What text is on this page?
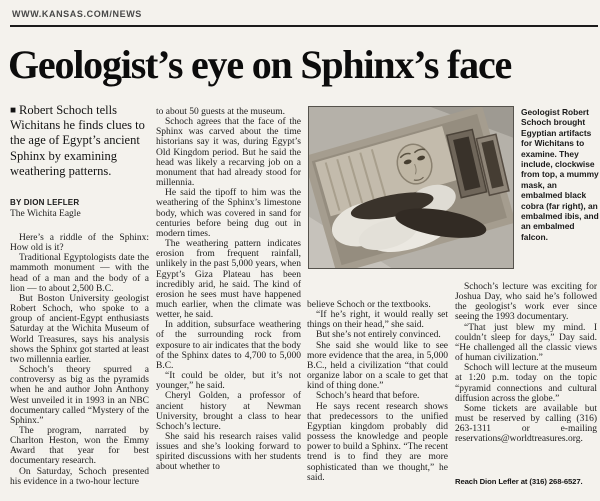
WWW.KANSAS.COM/NEWS
Geologist’s eye on Sphinx’s face
■ Robert Schoch tells Wichitans he finds clues to the age of Egypt’s ancient Sphinx by examining weathering patterns.
BY DION LEFLER
The Wichita Eagle

Here’s a riddle of the Sphinx: How old is it?

Traditional Egyptologists date the mammoth monument — with the head of a man and the body of a lion — to about 2,500 B.C.

But Boston University geologist Robert Schoch, who spoke to a group of ancient-Egypt enthusiasts Saturday at the Wichita Museum of World Treasures, says his analysis shows the Sphinx got started at least two millennia earlier.

Schoch’s theory spurred a controversy as big as the pyramids when he and author John Anthony West unveiled it in 1993 in an NBC documentary called “Mystery of the Sphinx.”

The program, narrated by Charlton Heston, won the Emmy Award that year for best documentary research.

On Saturday, Schoch presented his evidence in a two-hour lecture

to about 50 guests at the museum.

Schoch agrees that the face of the Sphinx was carved about the time historians say it was, during Egypt’s Old Kingdom period. But he said the head was likely a recarving job on a monument that had already stood for millennia.

He said the tipoff to him was the weathering of the Sphinx’s limestone body, which was covered in sand for centuries before being dug out in modern times.

The weathering pattern indicates erosion from frequent rainfall, unlikely in the past 5,000 years, when Egypt’s Giza Plateau has been incredibly arid, he said. The kind of erosion he sees must have happened much earlier, when the climate was wetter, he said.

In addition, subsurface weathering of the surrounding rock from exposure to air indicates that the body of the Sphinx dates to 4,700 to 5,000 B.C.

“It could be older, but it’s not younger,” he said.

Cheryl Golden, a professor of ancient history at Newman University, brought a class to hear Schoch’s lecture.

She said his research raises valid issues and she’s looking forward to spirited discussions with her students about whether to

Geologist Robert Schoch brought Egyptian artifacts for Wichitans to examine. They include, clockwise from top, a mummy mask, an embalmed black cobra (far right), an embalmed ibis, and an embalmed falcon.

believe Schoch or the textbooks.

“If he’s right, it would really set things on their head,” she said.

But she’s not entirely convinced.

She said she would like to see more evidence that the area, in 5,000 B.C., held a civilization “that could organize labor on a scale to get that kind of thing done.”

Schoch’s heard that before.

He says recent research shows that predecessors to the unified Egyptian kingdom probably did possess the knowledge and people power to build a Sphinx. “The recent trend is to find they are more sophisticated than we thought,” he said.

Schoch’s lecture was exciting for Joshua Day, who said he’s followed the geologist’s work ever since seeing the 1993 documentary.

“That just blew my mind. I couldn’t sleep for days,” Day said. “He challenged all the classic views of human civilization.”

Schoch will lecture at the museum at 1:20 p.m. today on the topic “pyramid connections and cultural diffusion across the globe.”

Some tickets are available but must be reserved by calling (316) 263-1311 or e-mailing reservations@worldtreasures.org.

Reach Dion Lefler at (316) 268-6527.
